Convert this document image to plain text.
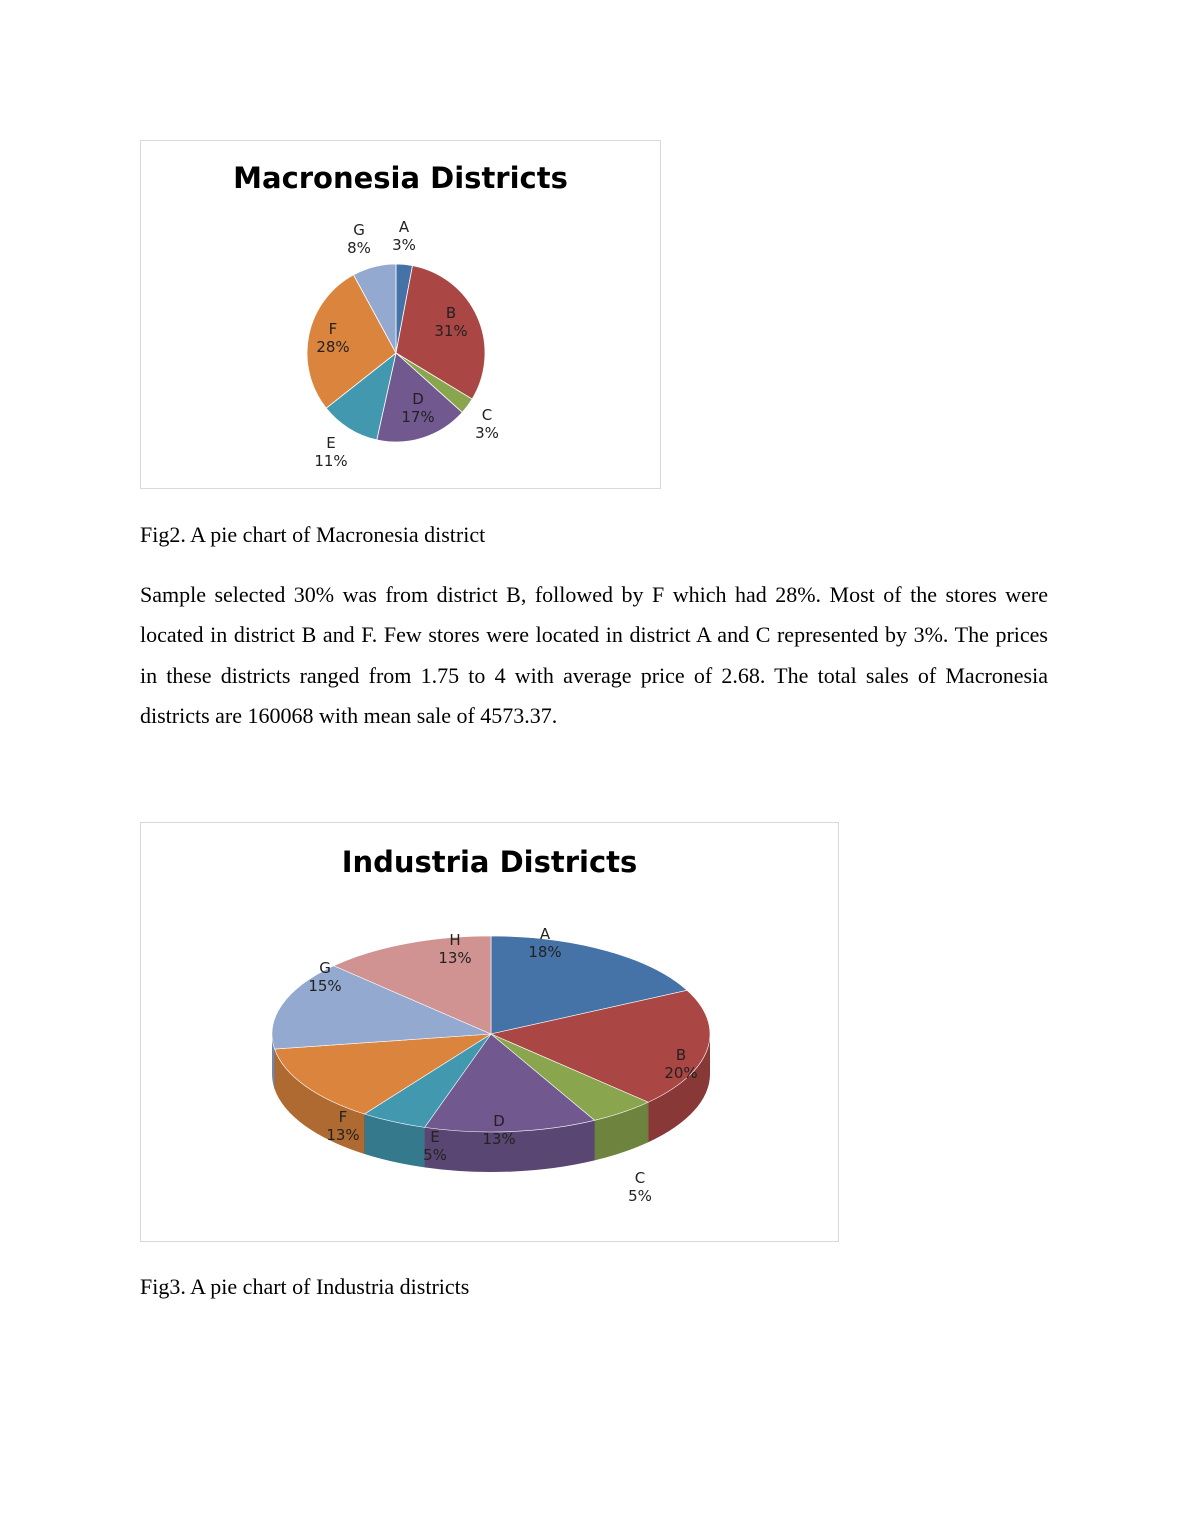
Macronesia Districts
A 3%
B 31%
C 3%
D 17%
E 11%
F 28%
G 8%
Fig2. A pie chart of Macronesia district

Sample selected 30% was from district B, followed by F which had 28%. Most of the stores were located in district B and F. Few stores were located in district A and C represented by 3%. The prices in these districts ranged from 1.75 to 4 with average price of 2.68. The total sales of Macronesia districts are 160068 with mean sale of 4573.37.

Industria Districts
A 18%
B 20%
C 5%
D 13%
E 5%
F 13%
G 15%
H 13%
Fig3. A pie chart of Industria districts
